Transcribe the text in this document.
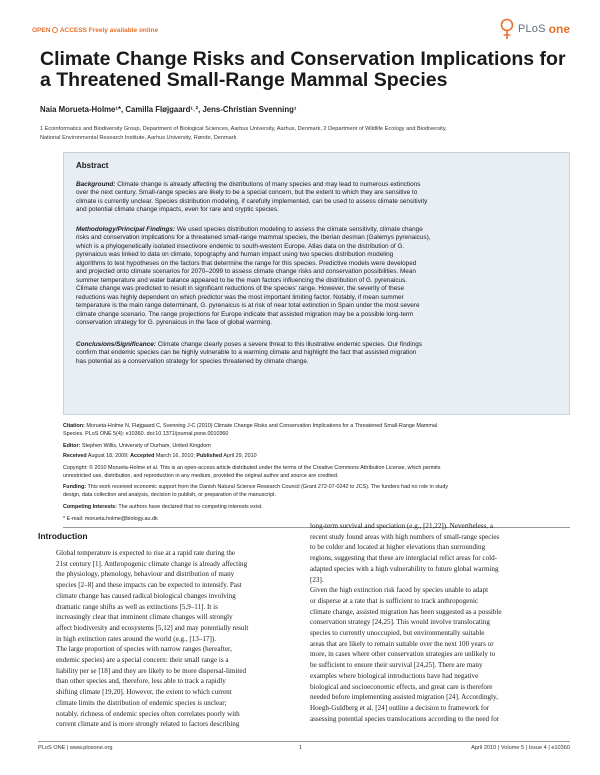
OPEN ACCESS Freely available online	PLoS one
Climate Change Risks and Conservation Implications for
a Threatened Small-Range Mammal Species
Naia Morueta-Holme¹*, Camilla Fløjgaard¹˒², Jens-Christian Svenning¹
1 Ecoinformatics and Biodiversity Group, Department of Biological Sciences, Aarhus University, Aarhus, Denmark, 2 Department of Wildlife Ecology and Biodiversity,
National Environmental Research Institute, Aarhus University, Rønde, Denmark
Abstract
Background: Climate change is already affecting the distributions of many species and may lead to numerous extinctions
over the next century. Small-range species are likely to be a special concern, but the extent to which they are sensitive to
climate is currently unclear. Species distribution modeling, if carefully implemented, can be used to assess climate sensitivity
and potential climate change impacts, even for rare and cryptic species.
Methodology/Principal Findings: We used species distribution modeling to assess the climate sensitivity, climate change
risks and conservation implications for a threatened small-range mammal species, the Iberian desman (Galemys pyrenaicus),
which is a phylogenetically isolated insectivore endemic to south-western Europe. Atlas data on the distribution of G.
pyrenaicus was linked to data on climate, topography and human impact using two species distribution modeling
algorithms to test hypotheses on the factors that determine the range for this species. Predictive models were developed
and projected onto climate scenarios for 2070–2099 to assess climate change risks and conservation possibilities. Mean
summer temperature and water balance appeared to be the main factors influencing the distribution of G. pyrenaicus.
Climate change was predicted to result in significant reductions of the species' range. However, the severity of these
reductions was highly dependent on which predictor was the most important limiting factor. Notably, if mean summer
temperature is the main range determinant, G. pyrenaicus is at risk of near total extinction in Spain under the most severe
climate change scenario. The range projections for Europe indicate that assisted migration may be a possible long-term
conservation strategy for G. pyrenaicus in the face of global warming.
Conclusions/Significance: Climate change clearly poses a severe threat to this illustrative endemic species. Our findings
confirm that endemic species can be highly vulnerable to a warming climate and highlight the fact that assisted migration
has potential as a conservation strategy for species threatened by climate change.
Citation: Morueta-Holme N, Fløjgaard C, Svenning J-C (2010) Climate Change Risks and Conservation Implications for a Threatened Small-Range Mammal
Species. PLoS ONE 5(4): e10360. doi:10.1371/journal.pone.0010360
Editor: Stephen Willis, University of Durham, United Kingdom
Received August 18, 2009; Accepted March 16, 2010; Published April 29, 2010
Copyright: © 2010 Morueta-Holme et al. This is an open-access article distributed under the terms of the Creative Commons Attribution License, which permits
unrestricted use, distribution, and reproduction in any medium, provided the original author and source are credited.
Funding: This work received economic support from the Danish Natural Science Research Council (Grant 272-07-0242 to JCS). The funders had no role in study
design, data collection and analysis, decision to publish, or preparation of the manuscript.
Competing Interests: The authors have declared that no competing interests exist.
* E-mail: morueta.holme@biology.au.dk
Introduction
Global temperature is expected to rise at a rapid rate during the
21st century [1]. Anthropogenic climate change is already affecting
the physiology, phenology, behaviour and distribution of many
species [2–8] and these impacts can be expected to intensify. Past
climate change has caused radical biological changes involving
dramatic range shifts as well as extinctions [5,9–11]. It is
increasingly clear that imminent climate changes will strongly
affect biodiversity and ecosystems [5,12] and may potentially result
in high extinction rates around the world (e.g., [13–17]).
The large proportion of species with narrow ranges (hereafter,
endemic species) are a special concern: their small range is a
liability per se [18] and they are likely to be more dispersal-limited
than other species and, therefore, less able to track a rapidly
shifting climate [19,20]. However, the extent to which current
climate limits the distribution of endemic species is unclear;
notably, richness of endemic species often correlates poorly with
current climate and is more strongly related to factors describing
long-term survival and speciation (e.g., [21,22]). Nevertheless, a
recent study found areas with high numbers of small-range species
to be colder and located at higher elevations than surrounding
regions, suggesting that these are interglacial refict areas for cold-
adapted species with a high vulnerability to future global warming
[23].
Given the high extinction risk faced by species unable to adapt
or disperse at a rate that is sufficient to track anthropogenic
climate change, assisted migration has been suggested as a possible
conservation strategy [24,25]. This would involve translocating
species to currently unoccupied, but environmentally suitable
areas that are likely to remain suitable over the next 100 years or
more, in cases where other conservation strategies are unlikely to
be sufficient to ensure their survival [24,25]. There are many
examples where biological introductions have had negative
biological and socioeconomic effects, and great care is therefore
needed before implementing assisted migration [24]. Accordingly,
Hoegh-Guldberg et al. [24] outline a decision to framework for
assessing potential species translocations according to the need for
PLoS ONE | www.plosone.org	1	April 2010 | Volume 5 | Issue 4 | e10360
